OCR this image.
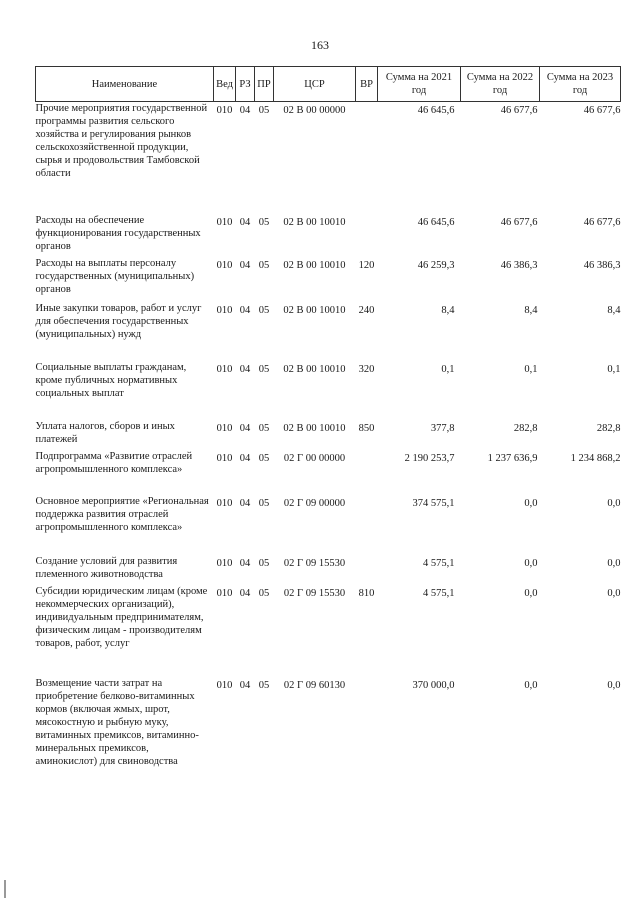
163
Наименование	Вед	РЗ	ПР	ЦСР	ВР	Сумма на 2021 год	Сумма на 2022 год	Сумма на 2023 год
Прочие мероприятия государственной программы развития сельского хозяйства и регулирования рынков сельскохозяйственной продукции, сырья и продовольствия Тамбовской области	010	04	05	02 В 00 00000		46 645,6	46 677,6	46 677,6
Расходы на обеспечение функционирования государственных органов	010	04	05	02 В 00 10010		46 645,6	46 677,6	46 677,6
Расходы на выплаты персоналу государственных (муниципальных) органов	010	04	05	02 В 00 10010	120	46 259,3	46 386,3	46 386,3
Иные закупки товаров, работ и услуг для обеспечения государственных (муниципальных) нужд	010	04	05	02 В 00 10010	240	8,4	8,4	8,4
Социальные выплаты гражданам, кроме публичных нормативных социальных выплат	010	04	05	02 В 00 10010	320	0,1	0,1	0,1
Уплата налогов, сборов и иных платежей	010	04	05	02 В 00 10010	850	377,8	282,8	282,8
Подпрограмма «Развитие отраслей агропромышленного комплекса»	010	04	05	02 Г 00 00000		2 190 253,7	1 237 636,9	1 234 868,2
Основное мероприятие «Региональная поддержка развития отраслей агропромышленного комплекса»	010	04	05	02 Г 09 00000		374 575,1	0,0	0,0
Создание условий для развития племенного животноводства	010	04	05	02 Г 09 15530		4 575,1	0,0	0,0
Субсидии юридическим лицам (кроме некоммерческих организаций), индивидуальным предпринимателям, физическим лицам - производителям товаров, работ, услуг	010	04	05	02 Г 09 15530	810	4 575,1	0,0	0,0
Возмещение части затрат на приобретение белково-витаминных кормов (включая жмых, шрот, мясокостную и рыбную муку, витаминных премиксов, витаминно-минеральных премиксов, аминокислот) для свиноводства	010	04	05	02 Г 09 60130		370 000,0	0,0	0,0
